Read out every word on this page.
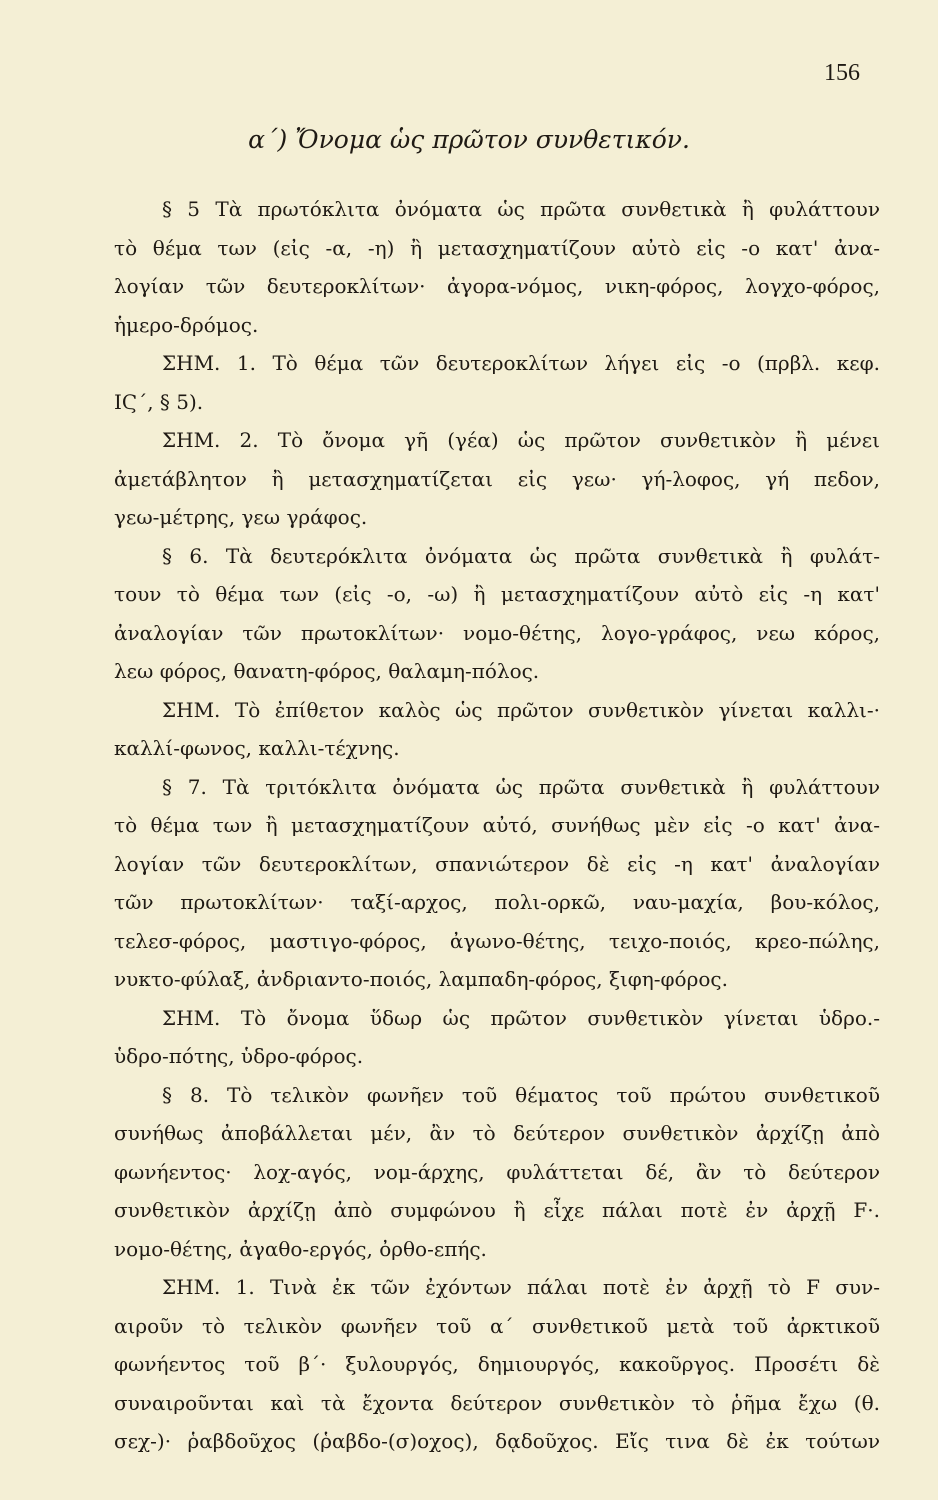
156
α΄) Ὄνομα ὡς πρῶτον συνθετικόν.
§ 5 Τὰ πρωτόκλιτα ὀνόματα ὡς πρῶτα συνθετικὰ ἢ φυλάττουν
τὸ θέμα των (εἰς -α, -η) ἢ μετασχηματίζουν αὐτὸ εἰς -ο κατ' ἀνα-
λογίαν τῶν δευτεροκλίτων· ἀγορα-νόμος, νικη-φόρος, λογχο-φόρος,
ἡμερο-δρόμος.
ΣΗΜ. 1. Τὸ θέμα τῶν δευτεροκλίτων λήγει εἰς -ο (πρβλ. κεφ.
ΙϚ΄, § 5).
ΣΗΜ. 2. Τὸ ὄνομα γῆ (γέα) ὡς πρῶτον συνθετικὸν ἢ μένει
ἀμετάβλητον ἢ μετασχηματίζεται εἰς γεω· γή-λοφος, γή πεδον,
γεω-μέτρης, γεω γράφος.
§ 6. Τὰ δευτερόκλιτα ὀνόματα ὡς πρῶτα συνθετικὰ ἢ φυλάτ-
τουν τὸ θέμα των (εἰς -ο, -ω) ἢ μετασχηματίζουν αὐτὸ εἰς -η κατ'
ἀναλογίαν τῶν πρωτοκλίτων· νομο-θέτης, λογο-γράφος, νεω κόρος,
λεω φόρος, θανατη-φόρος, θαλαμη-πόλος.
ΣΗΜ. Τὸ ἐπίθετον καλὸς ὡς πρῶτον συνθετικὸν γίνεται καλλι-·
καλλί-φωνος, καλλι-τέχνης.
§ 7. Τὰ τριτόκλιτα ὀνόματα ὡς πρῶτα συνθετικὰ ἢ φυλάττουν
τὸ θέμα των ἢ μετασχηματίζουν αὐτό, συνήθως μὲν εἰς -ο κατ' ἀνα-
λογίαν τῶν δευτεροκλίτων, σπανιώτερον δὲ εἰς -η κατ' ἀναλογίαν
τῶν πρωτοκλίτων· ταξί-αρχος, πολι-ορκῶ, ναυ-μαχία, βου-κόλος,
τελεσ-φόρος, μαστιγο-φόρος, ἀγωνο-θέτης, τειχο-ποιός, κρεο-πώλης,
νυκτο-φύλαξ, ἀνδριαντο-ποιός, λαμπαδη-φόρος, ξιφη-φόρος.
ΣΗΜ. Τὸ ὄνομα ὕδωρ ὡς πρῶτον συνθετικὸν γίνεται ὑδρο.-
ὑδρο-πότης, ὑδρο-φόρος.
§ 8. Τὸ τελικὸν φωνῆεν τοῦ θέματος τοῦ πρώτου συνθετικοῦ
συνήθως ἀποβάλλεται μέν, ἂν τὸ δεύτερον συνθετικὸν ἀρχίζῃ ἀπὸ
φωνήεντος· λοχ-αγός, νομ-άρχης, φυλάττεται δέ, ἂν τὸ δεύτερον
συνθετικὸν ἀρχίζῃ ἀπὸ συμφώνου ἢ εἶχε πάλαι ποτὲ ἐν ἀρχῇ F·.
νομο-θέτης, ἀγαθο-εργός, ὀρθο-επής.
ΣΗΜ. 1. Τινὰ ἐκ τῶν ἐχόντων πάλαι ποτὲ ἐν ἀρχῇ τὸ F συν-
αιροῦν τὸ τελικὸν φωνῆεν τοῦ α΄ συνθετικοῦ μετὰ τοῦ ἀρκτικοῦ
φωνήεντος τοῦ β΄· ξυλουργός, δημιουργός, κακοῦργος. Προσέτι δὲ
συναιροῦνται καὶ τὰ ἔχοντα δεύτερον συνθετικὸν τὸ ῥῆμα ἔχω (θ.
σεχ-)· ῥαβδοῦχος (ῥαβδο-(σ)οχος), δᾳδοῦχος. Εἴς τινα δὲ ἐκ τούτων
